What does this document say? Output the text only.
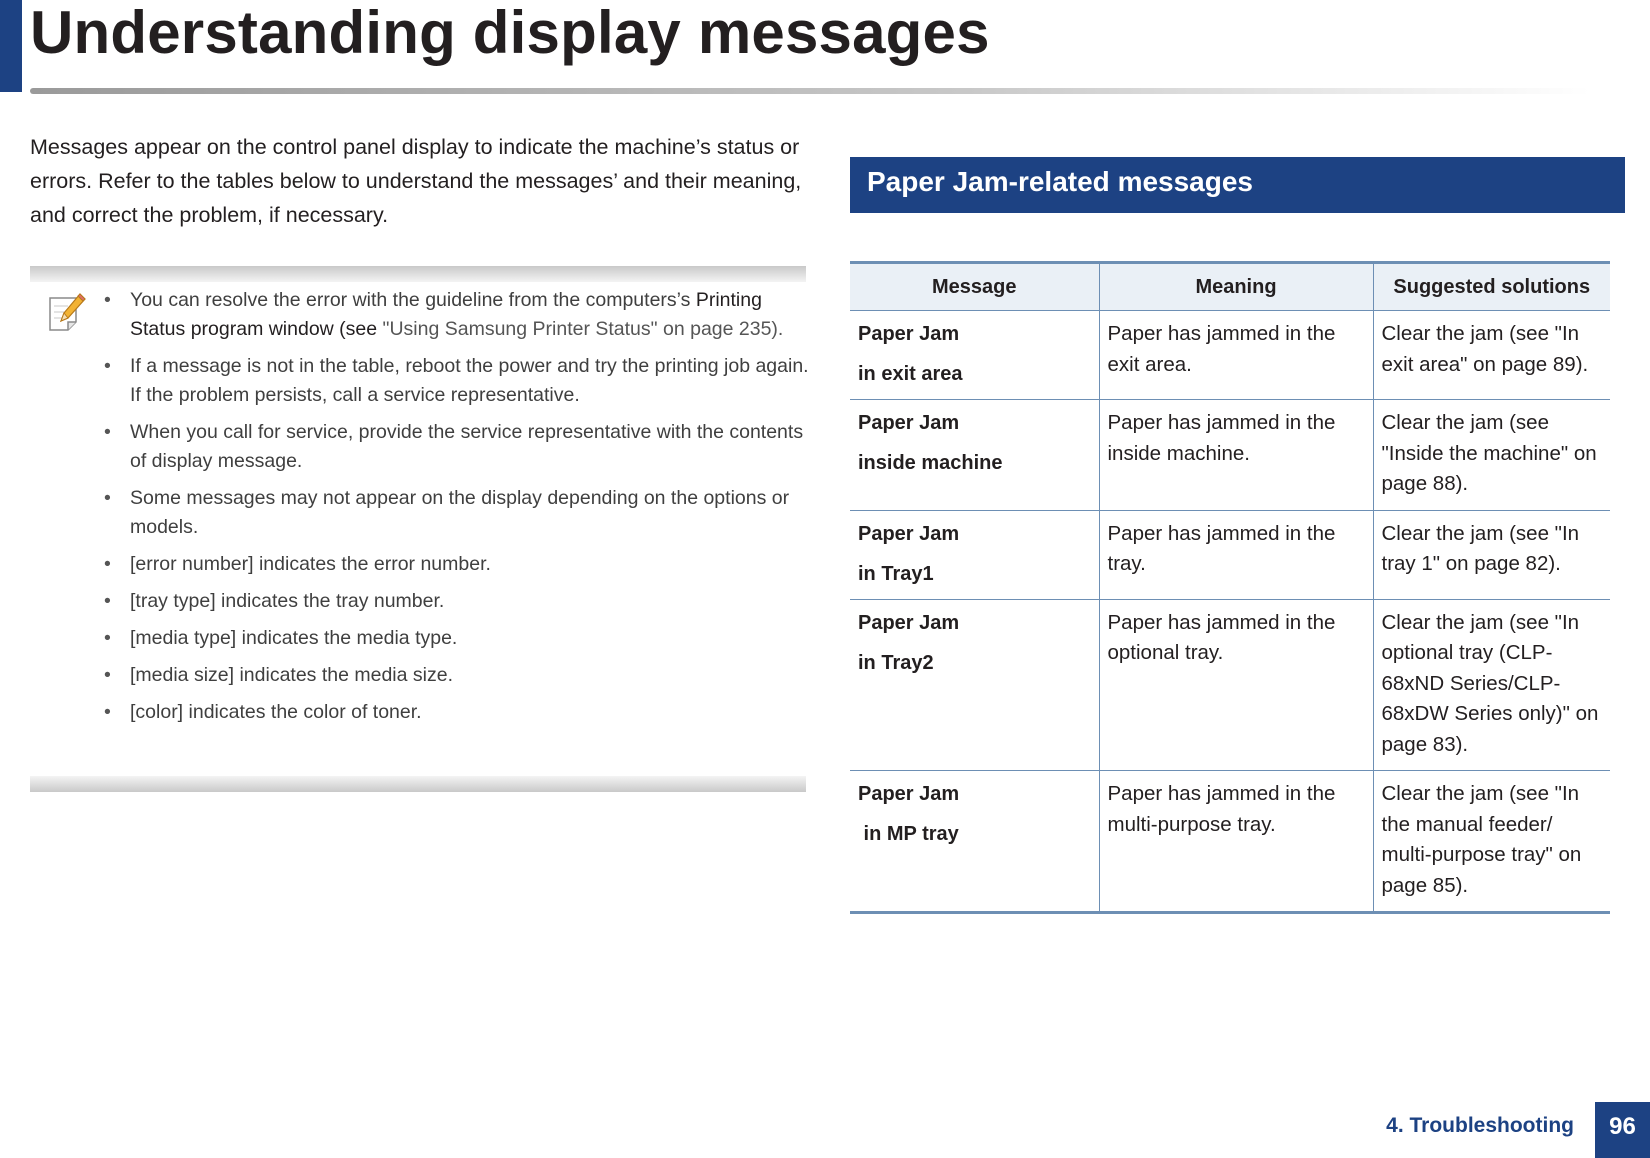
Understanding display messages

Messages appear on the control panel display to indicate the machine’s status or errors. Refer to the tables below to understand the messages’ and their meaning, and correct the problem, if necessary.

• You can resolve the error with the guideline from the computers’s Printing Status program window (see "Using Samsung Printer Status" on page 235).
• If a message is not in the table, reboot the power and try the printing job again. If the problem persists, call a service representative.
• When you call for service, provide the service representative with the contents of display message.
• Some messages may not appear on the display depending on the options or models.
• [error number] indicates the error number.
• [tray type] indicates the tray number.
• [media type] indicates the media type.
• [media size] indicates the media size.
• [color] indicates the color of toner.
Paper Jam-related messages
Message	Meaning	Suggested solutions

Paper Jam
in exit area	Paper has jammed in the exit area.	Clear the jam (see "In exit area" on page 89).

Paper Jam
inside machine	Paper has jammed in the inside machine.	Clear the jam (see "Inside the machine" on page 88).

Paper Jam
in Tray1	Paper has jammed in the tray.	Clear the jam (see "In tray 1" on page 82).

Paper Jam
in Tray2	Paper has jammed in the optional tray.	Clear the jam (see "In optional tray (CLP-68xND Series/CLP-68xDW Series only)" on page 83).

Paper Jam
in MP tray	Paper has jammed in the multi-purpose tray.	Clear the jam (see "In the manual feeder/ multi-purpose tray" on page 85).
4. Troubleshooting	96
